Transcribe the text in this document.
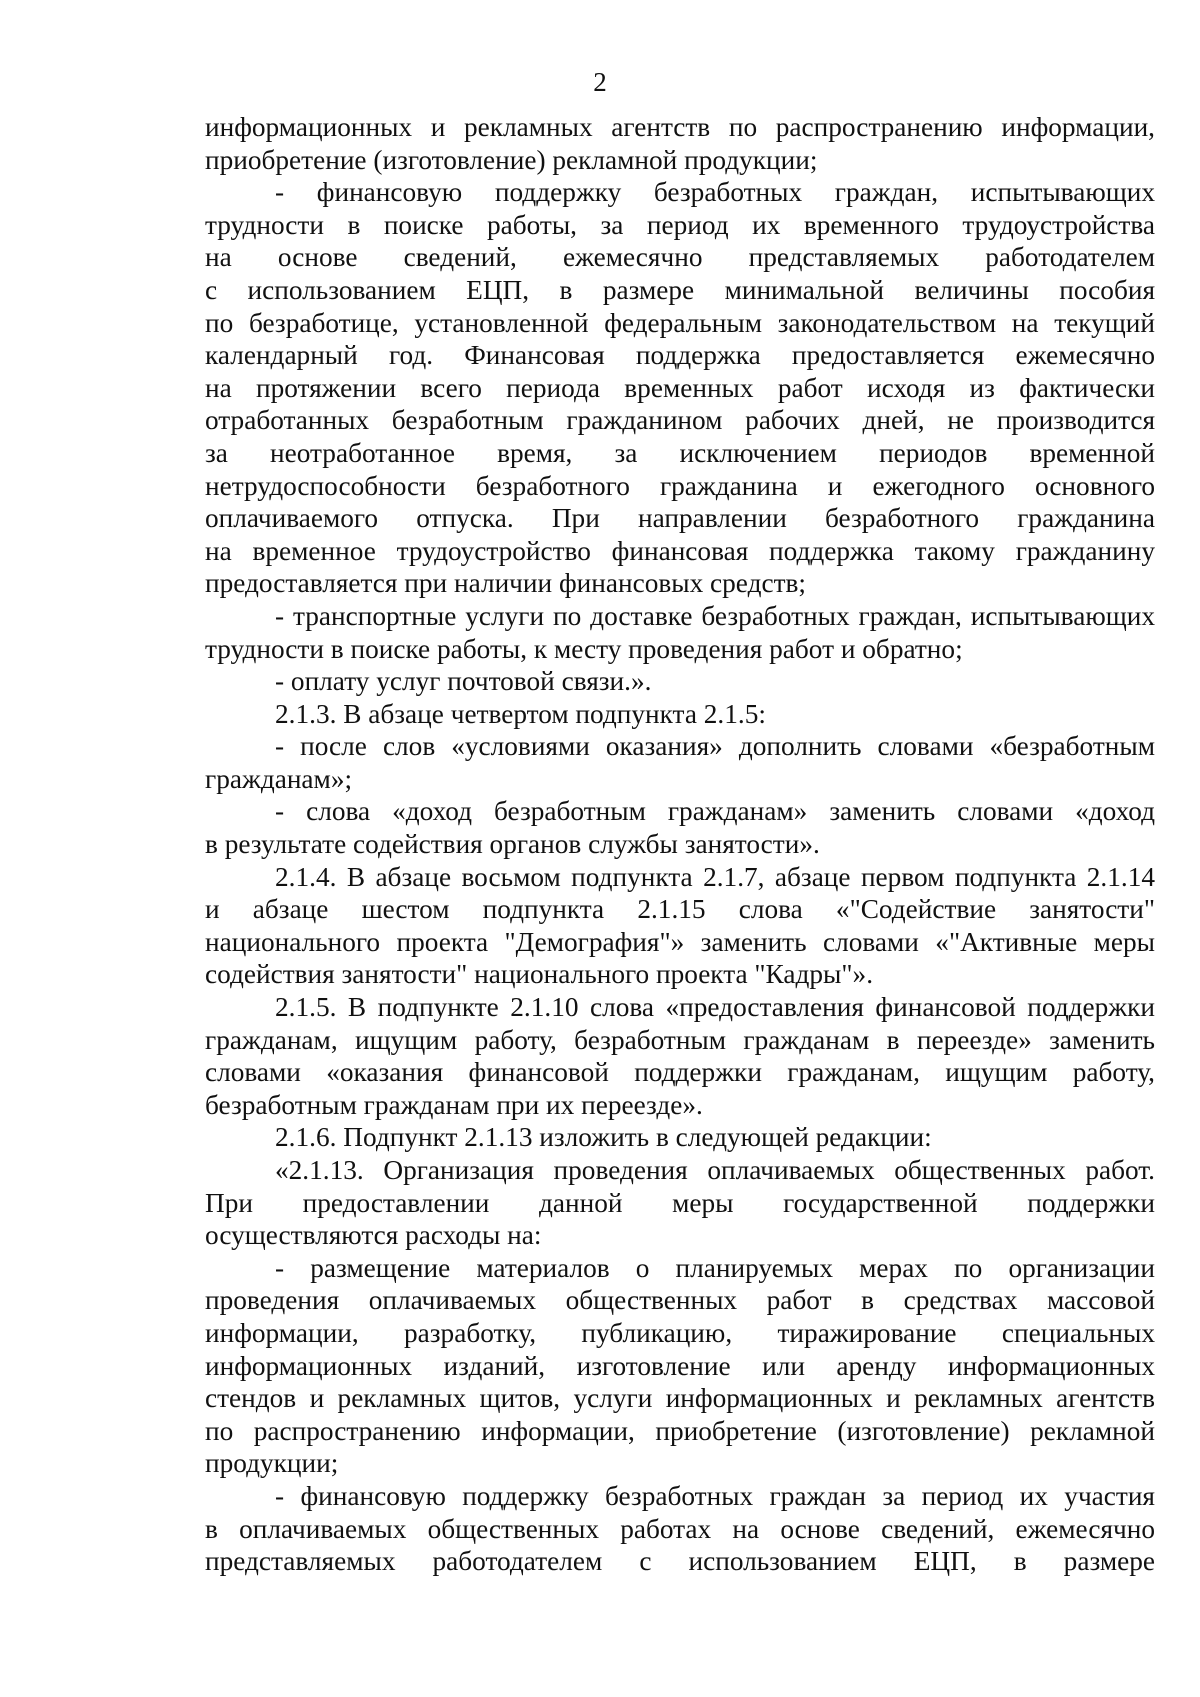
2
информационных и рекламных агентств по распространению информации,
приобретение (изготовление) рекламной продукции;
- финансовую поддержку безработных граждан, испытывающих
трудности в поиске работы, за период их временного трудоустройства
на основе сведений, ежемесячно представляемых работодателем
с использованием ЕЦП, в размере минимальной величины пособия
по безработице, установленной федеральным законодательством на текущий
календарный год. Финансовая поддержка предоставляется ежемесячно
на протяжении всего периода временных работ исходя из фактически
отработанных безработным гражданином рабочих дней, не производится
за неотработанное время, за исключением периодов временной
нетрудоспособности безработного гражданина и ежегодного основного
оплачиваемого отпуска. При направлении безработного гражданина
на временное трудоустройство финансовая поддержка такому гражданину
предоставляется при наличии финансовых средств;
- транспортные услуги по доставке безработных граждан, испытывающих
трудности в поиске работы, к месту проведения работ и обратно;
- оплату услуг почтовой связи.».
2.1.3. В абзаце четвертом подпункта 2.1.5:
- после слов «условиями оказания» дополнить словами «безработным
гражданам»;
- слова «доход безработным гражданам» заменить словами «доход
в результате содействия органов службы занятости».
2.1.4. В абзаце восьмом подпункта 2.1.7, абзаце первом подпункта 2.1.14
и абзаце шестом подпункта 2.1.15 слова «"Содействие занятости"
национального проекта "Демография"» заменить словами «"Активные меры
содействия занятости" национального проекта "Кадры"».
2.1.5. В подпункте 2.1.10 слова «предоставления финансовой поддержки
гражданам, ищущим работу, безработным гражданам в переезде» заменить
словами «оказания финансовой поддержки гражданам, ищущим работу,
безработным гражданам при их переезде».
2.1.6. Подпункт 2.1.13 изложить в следующей редакции:
«2.1.13. Организация проведения оплачиваемых общественных работ.
При предоставлении данной меры государственной поддержки
осуществляются расходы на:
- размещение материалов о планируемых мерах по организации
проведения оплачиваемых общественных работ в средствах массовой
информации, разработку, публикацию, тиражирование специальных
информационных изданий, изготовление или аренду информационных
стендов и рекламных щитов, услуги информационных и рекламных агентств
по распространению информации, приобретение (изготовление) рекламной
продукции;
- финансовую поддержку безработных граждан за период их участия
в оплачиваемых общественных работах на основе сведений, ежемесячно
представляемых работодателем с использованием ЕЦП, в размере
